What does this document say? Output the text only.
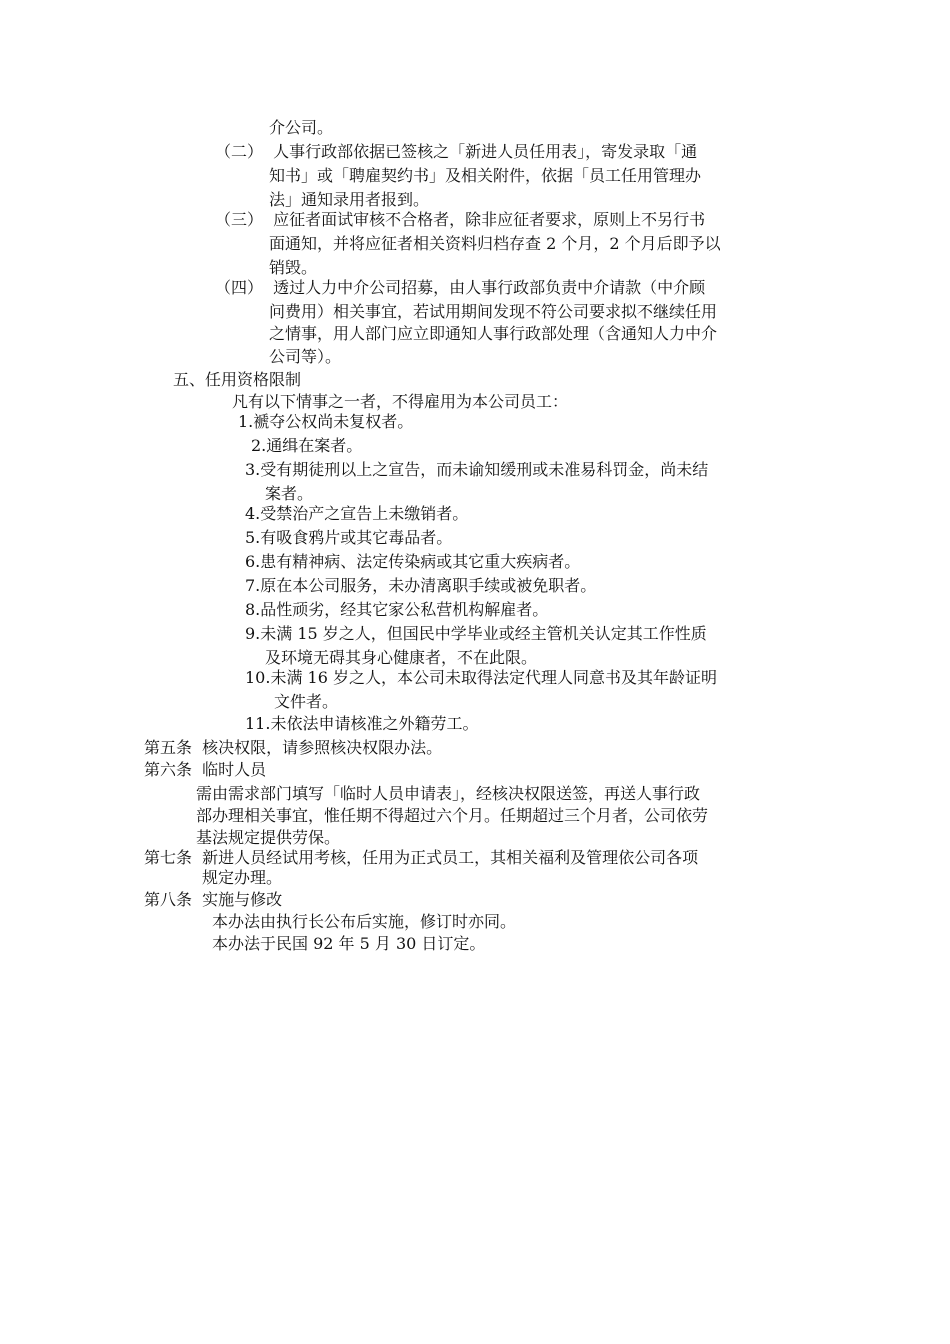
介公司。
（二）  人事行政部依据已签核之「新进人员任用表」，寄发录取「通
知书」或「聘雇契约书」及相关附件，依据「员工任用管理办
法」通知录用者报到。
（三）  应征者面试审核不合格者，除非应征者要求，原则上不另行书
面通知，并将应征者相关资料归档存查 2 个月，2 个月后即予以
销毁。
（四）  透过人力中介公司招募，由人事行政部负责中介请款（中介顾
问费用）相关事宜，若试用期间发现不符公司要求拟不继续任用
之情事，用人部门应立即通知人事行政部处理（含通知人力中介
公司等）。
五、任用资格限制
凡有以下情事之一者，不得雇用为本公司员工：
1.褫夺公权尚未复权者。
2.通缉在案者。
3.受有期徒刑以上之宣告，而未谕知缓刑或未准易科罚金，尚未结
案者。
4.受禁治产之宣告上未缴销者。
5.有吸食鸦片或其它毒品者。
6.患有精神病、法定传染病或其它重大疾病者。
7.原在本公司服务，未办清离职手续或被免职者。
8.品性顽劣，经其它家公私营机构解雇者。
9.未满 15 岁之人，但国民中学毕业或经主管机关认定其工作性质
及环境无碍其身心健康者，不在此限。
10.未满 16 岁之人，本公司未取得法定代理人同意书及其年龄证明
文件者。
11.未依法申请核准之外籍劳工。
第五条  核决权限，请参照核决权限办法。
第六条  临时人员
需由需求部门填写「临时人员申请表」，经核决权限送签，再送人事行政
部办理相关事宜，惟任期不得超过六个月。任期超过三个月者，公司依劳
基法规定提供劳保。
第七条  新进人员经试用考核，任用为正式员工，其相关福利及管理依公司各项
规定办理。
第八条  实施与修改
本办法由执行长公布后实施，修订时亦同。
本办法于民国 92 年 5 月 30 日订定。
